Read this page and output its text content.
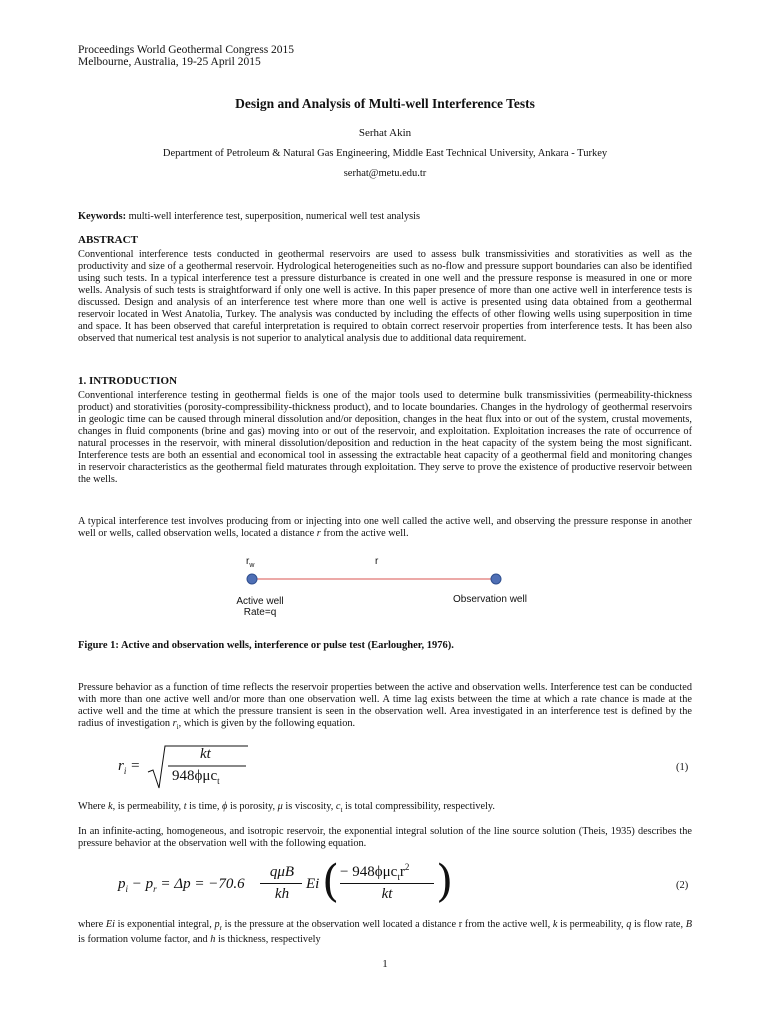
Proceedings World Geothermal Congress 2015
Melbourne, Australia, 19-25 April 2015
Design and Analysis of Multi-well Interference Tests
Serhat Akin
Department of Petroleum & Natural Gas Engineering, Middle East Technical University, Ankara - Turkey
serhat@metu.edu.tr
Keywords: multi-well interference test, superposition, numerical well test analysis
ABSTRACT
Conventional interference tests conducted in geothermal reservoirs are used to assess bulk transmissivities and storativities as well as the productivity and size of a geothermal reservoir. Hydrological heterogeneities such as no-flow and pressure support boundaries can also be identified using such tests. In a typical interference test a pressure disturbance is created in one well and the pressure response is measured in one or more wells. Analysis of such tests is straightforward if only one well is active. In this paper presence of more than one active well in interference tests is discussed. Design and analysis of an interference test where more than one well is active is presented using data obtained from a geothermal reservoir located in West Anatolia, Turkey. The analysis was conducted by including the effects of other flowing wells using superposition in time and space. It has been observed that careful interpretation is required to obtain correct reservoir properties from interference tests. It has been also observed that numerical test analysis is not superior to analytical analysis due to additional data requirement.
1. INTRODUCTION
Conventional interference testing in geothermal fields is one of the major tools used to determine bulk transmissivities (permeability-thickness product) and storativities (porosity-compressibility-thickness product), and to locate boundaries. Changes in the hydrology of geothermal reservoirs in geologic time can be caused through mineral dissolution and/or deposition, changes in the heat flux into or out of the system, crustal movements, changes in fluid components (brine and gas) moving into or out of the reservoir, and exploitation. Exploitation increases the rate of occurrence of natural processes in the reservoir, with mineral dissolution/deposition and reduction in the heat capacity of the system being the most significant. Interference tests are both an essential and economical tool in assessing the extractable heat capacity of a geothermal field and monitoring changes in reservoir characteristics as the geothermal field maturates through exploitation. They serve to prove the existence of productive reservoir between the wells.
A typical interference test involves producing from or injecting into one well called the active well, and observing the pressure response in another well or wells, called observation wells, located a distance r from the active well.
$r_w$	r
Active well
Rate=q
Observation well
Figure 1: Active and observation wells, interference or pulse test (Earlougher, 1976).
Pressure behavior as a function of time reflects the reservoir properties between the active and observation wells. Interference test can be conducted with more than one active well and/or more than one observation well. A time lag exists between the time at which a rate chance is made at the active well and the time at which the pressure transient is seen in the observation well. Area investigated in an interference test is defined by the radius of investigation $r_i$, which is given by the following equation.
$r_i$ =
kt
948ϕμc$_t$
(1)
Where k, is permeability, t is time, ϕ is porosity, μ is viscosity, $c_t$ is total compressibility, respectively.
In an infinite-acting, homogeneous, and isotropic reservoir, the exponential integral solution of the line source solution (Theis, 1935) describes the pressure behavior at the observation well with the following equation.
$p_i - p_r = \Delta p = -70.6$
qμB
kh
Ei ( − $948\phi\mu c_tr^2$
kt )	(2)
where Ei is exponential integral, $p_r$ is the pressure at the observation well located a distance r from the active well, k is permeability, q is flow rate, B is formation volume factor, and h is thickness, respectively
1
